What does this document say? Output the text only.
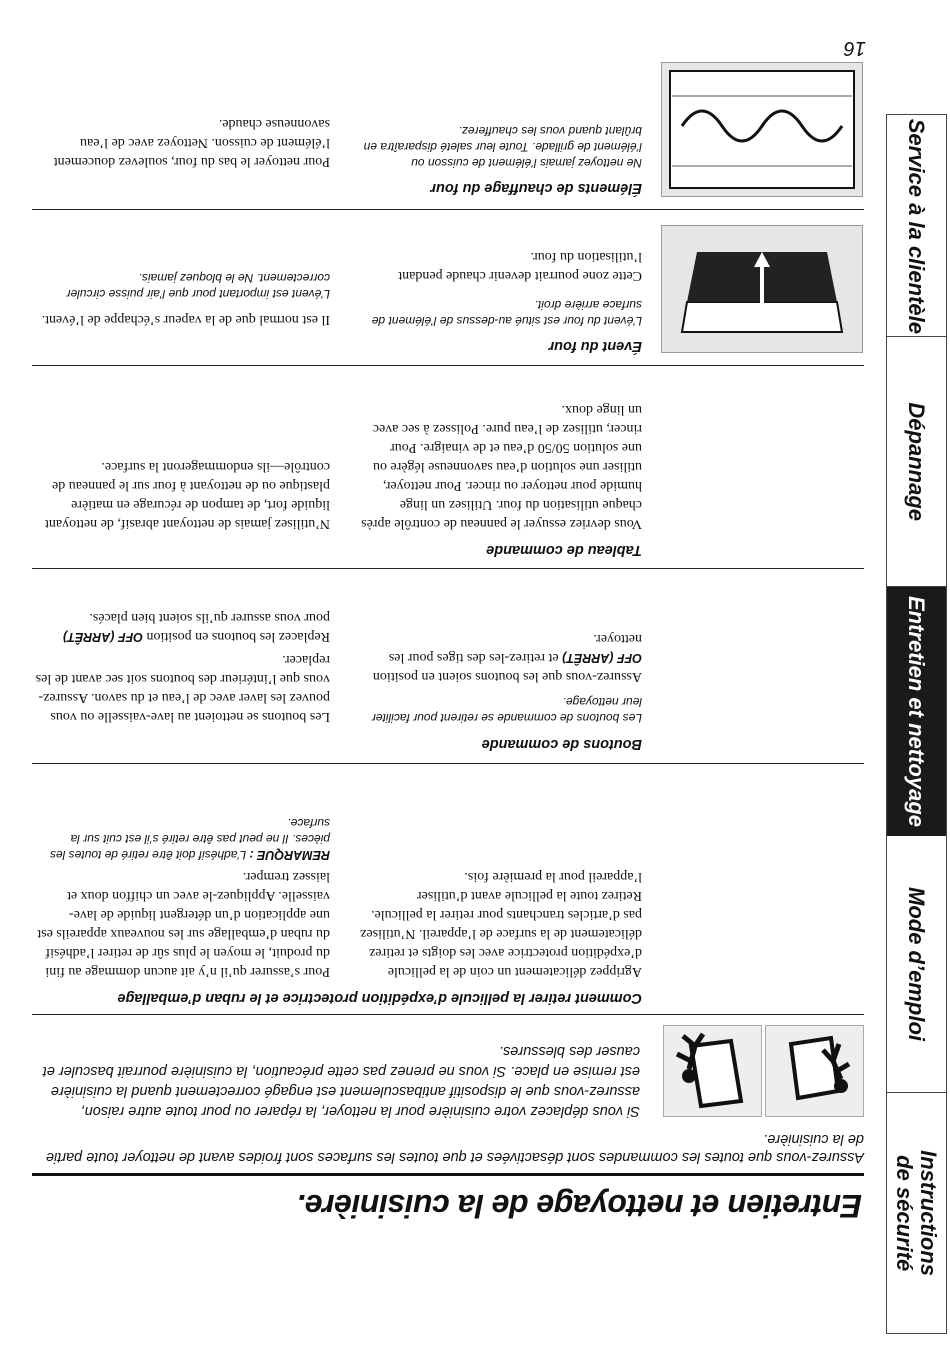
16
Instructions
de sécurité
Mode d’emploi
Entretien et nettoyage
Dépannage
Service à la clientèle
Entretien et nettoyage de la cuisinière.

Assurez-vous que toutes les commandes sont désactivées et que toutes les surfaces sont froides avant de nettoyer toute partie de la cuisinière.

Si vous déplacez votre cuisinière pour la nettoyer, la réparer ou pour toute autre raison, assurez-vous que le dispositif antibasculement est engagé correctement quand la cuisinière est remise en place. Si vous ne prenez pas cette précaution, la cuisinière pourrait basculer et causer des blessures.

Comment retirer la pellicule d’expédition protectrice et le ruban d’emballage

Agrippez délicatement un coin de la pellicule d’expédition protectrice avec les doigts et retirez délicatement de la surface de l’appareil. N’utilisez pas d’articles tranchants pour retirer la pellicule. Retirez toute la pellicule avant d’utiliser l’appareil pour la première fois.

Pour s’assurer qu’il n’y ait aucun dommage au fini du produit, le moyen le plus sûr de retirer l’adhésif du ruban d’emballage sur les nouveaux appareils est une application d’un détergent liquide de lave-vaisselle. Appliquez-le avec un chiffon doux et laissez tremper.
REMARQUE : L’adhésif doit être retiré de toutes les pièces. Il ne peut pas être retiré s’il est cuit sur la surface.
Boutons de commande

Les boutons de commande se retirent pour faciliter leur nettoyage.

Assurez-vous que les boutons soient en position OFF (ARRÊT) et retirez-les des tiges pour les nettoyer.

Les boutons se nettoient au lave-vaisselle ou vous pouvez les laver avec de l’eau et du savon. Assurez-vous que l’intérieur des boutons soit sec avant de les replacer.
Replacez les boutons en position OFF (ARRÊT) pour vous assurer qu’ils soient bien placés.
Tableau de commande

Vous devriez essuyer le panneau de contrôle après chaque utilisation du four. Utilisez un linge humide pour nettoyer ou rincer. Pour nettoyer, utiliser une solution d’eau savonneuse légère ou une solution 50/50 d’eau et de vinaigre. Pour rincer, utilisez de l’eau pure. Polissez à sec avec un linge doux.

N’utilisez jamais de nettoyant abrasif, de nettoyant liquide fort, de tampon de récurage en matière plastique ou de nettoyant à four sur le panneau de contrôle—ils endommageront la surface.

Évent du four

L’évent du four est situé au-dessus de l’élément de surface arrière droit.

Cette zone pourrait devenir chaude pendant l’utilisation du four.

Il est normal que de la vapeur s’échappe de l’évent.
L’évent est important pour que l’air puisse circuler correctement. Ne le bloquez jamais.
Éléments de chauffage du four

Ne nettoyez jamais l’élément de cuisson ou l’élément de grillade. Toute leur saleté disparaîtra en brûlant quand vous les chaufferez.

Pour nettoyer le bas du four, soulevez doucement l’élément de cuisson. Nettoyez avec de l’eau savonneuse chaude.
